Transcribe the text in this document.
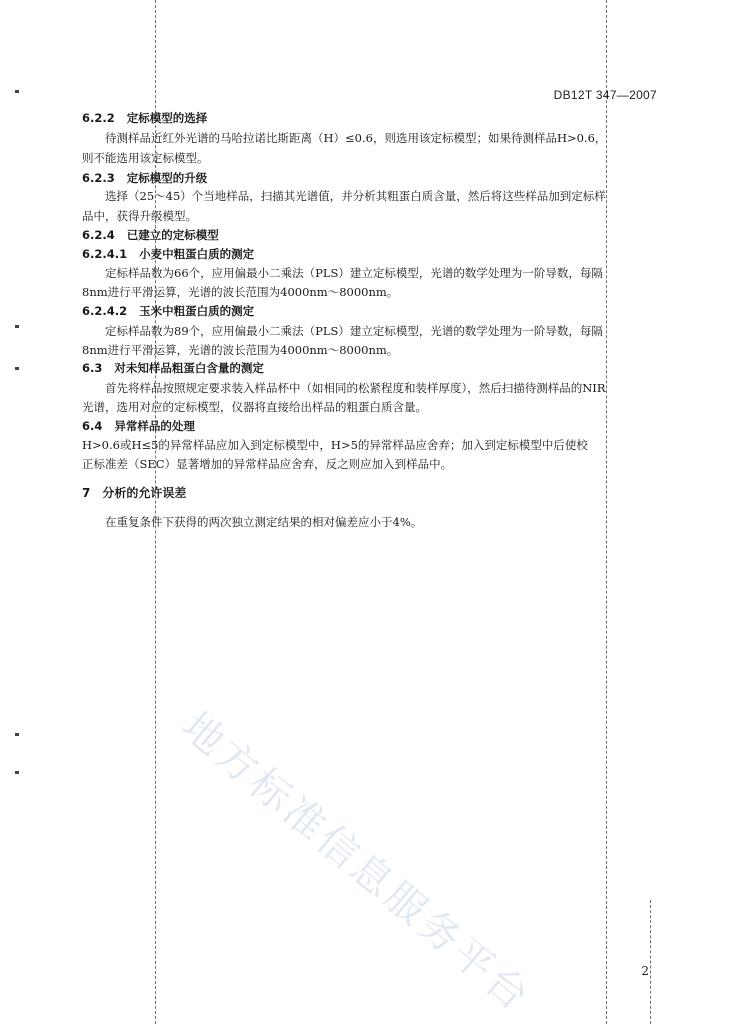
DB12T 347—2007
6.2.2 定标模型的选择
待测样品近红外光谱的马哈拉诺比斯距离（H）≤0.6，则选用该定标模型；如果待测样品H>0.6，
则不能选用该定标模型。
6.2.3 定标模型的升级
选择（25～45）个当地样品，扫描其光谱值，并分析其粗蛋白质含量，然后将这些样品加到定标样
品中，获得升级模型。
6.2.4 已建立的定标模型
6.2.4.1 小麦中粗蛋白质的测定
定标样品数为66个，应用偏最小二乘法（PLS）建立定标模型，光谱的数学处理为一阶导数，每隔
8nm进行平滑运算，光谱的波长范围为4000nm～8000nm。
6.2.4.2 玉米中粗蛋白质的测定
定标样品数为89个，应用偏最小二乘法（PLS）建立定标模型，光谱的数学处理为一阶导数，每隔
8nm进行平滑运算，光谱的波长范围为4000nm～8000nm。
6.3 对未知样品粗蛋白含量的测定
首先将样品按照规定要求装入样品杯中（如相同的松紧程度和装样厚度），然后扫描待测样品的NIR
光谱，选用对应的定标模型，仪器将直接给出样品的粗蛋白质含量。
6.4 异常样品的处理
H>0.6或H≤5的异常样品应加入到定标模型中，H>5的异常样品应舍弃；加入到定标模型中后使校
正标准差（SEC）显著增加的异常样品应舍弃，反之则应加入到样品中。
7 分析的允许误差
在重复条件下获得的两次独立测定结果的相对偏差应小于4%。
地方标准信息服务平台	2
